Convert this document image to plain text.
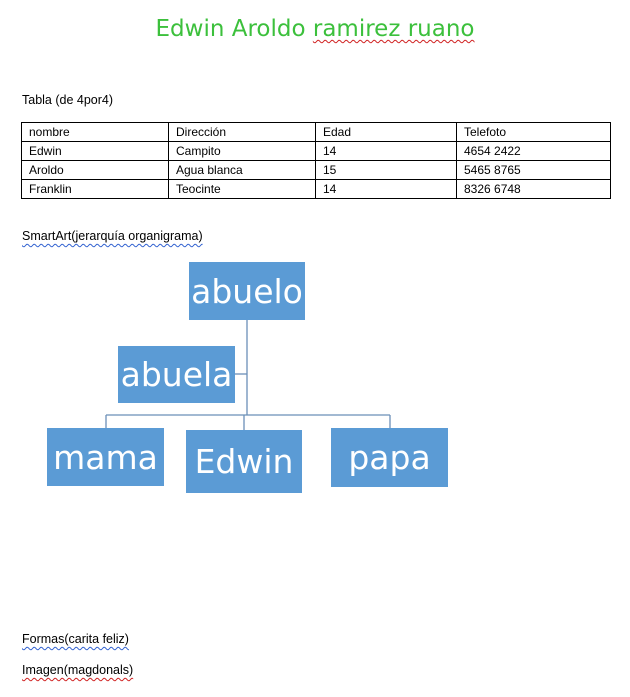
Edwin Aroldo ramirez ruano
Tabla (de 4por4)
nombre	Dirección	Edad	Telefoto
Edwin	Campito	14	4654 2422
Aroldo	Agua blanca	15	5465 8765
Franklin	Teocinte	14	8326 6748
SmartArt(jerarquía organigrama)
abuelo
abuela
mama Edwin	papa
Formas(carita feliz)
Imagen(magdonals)
